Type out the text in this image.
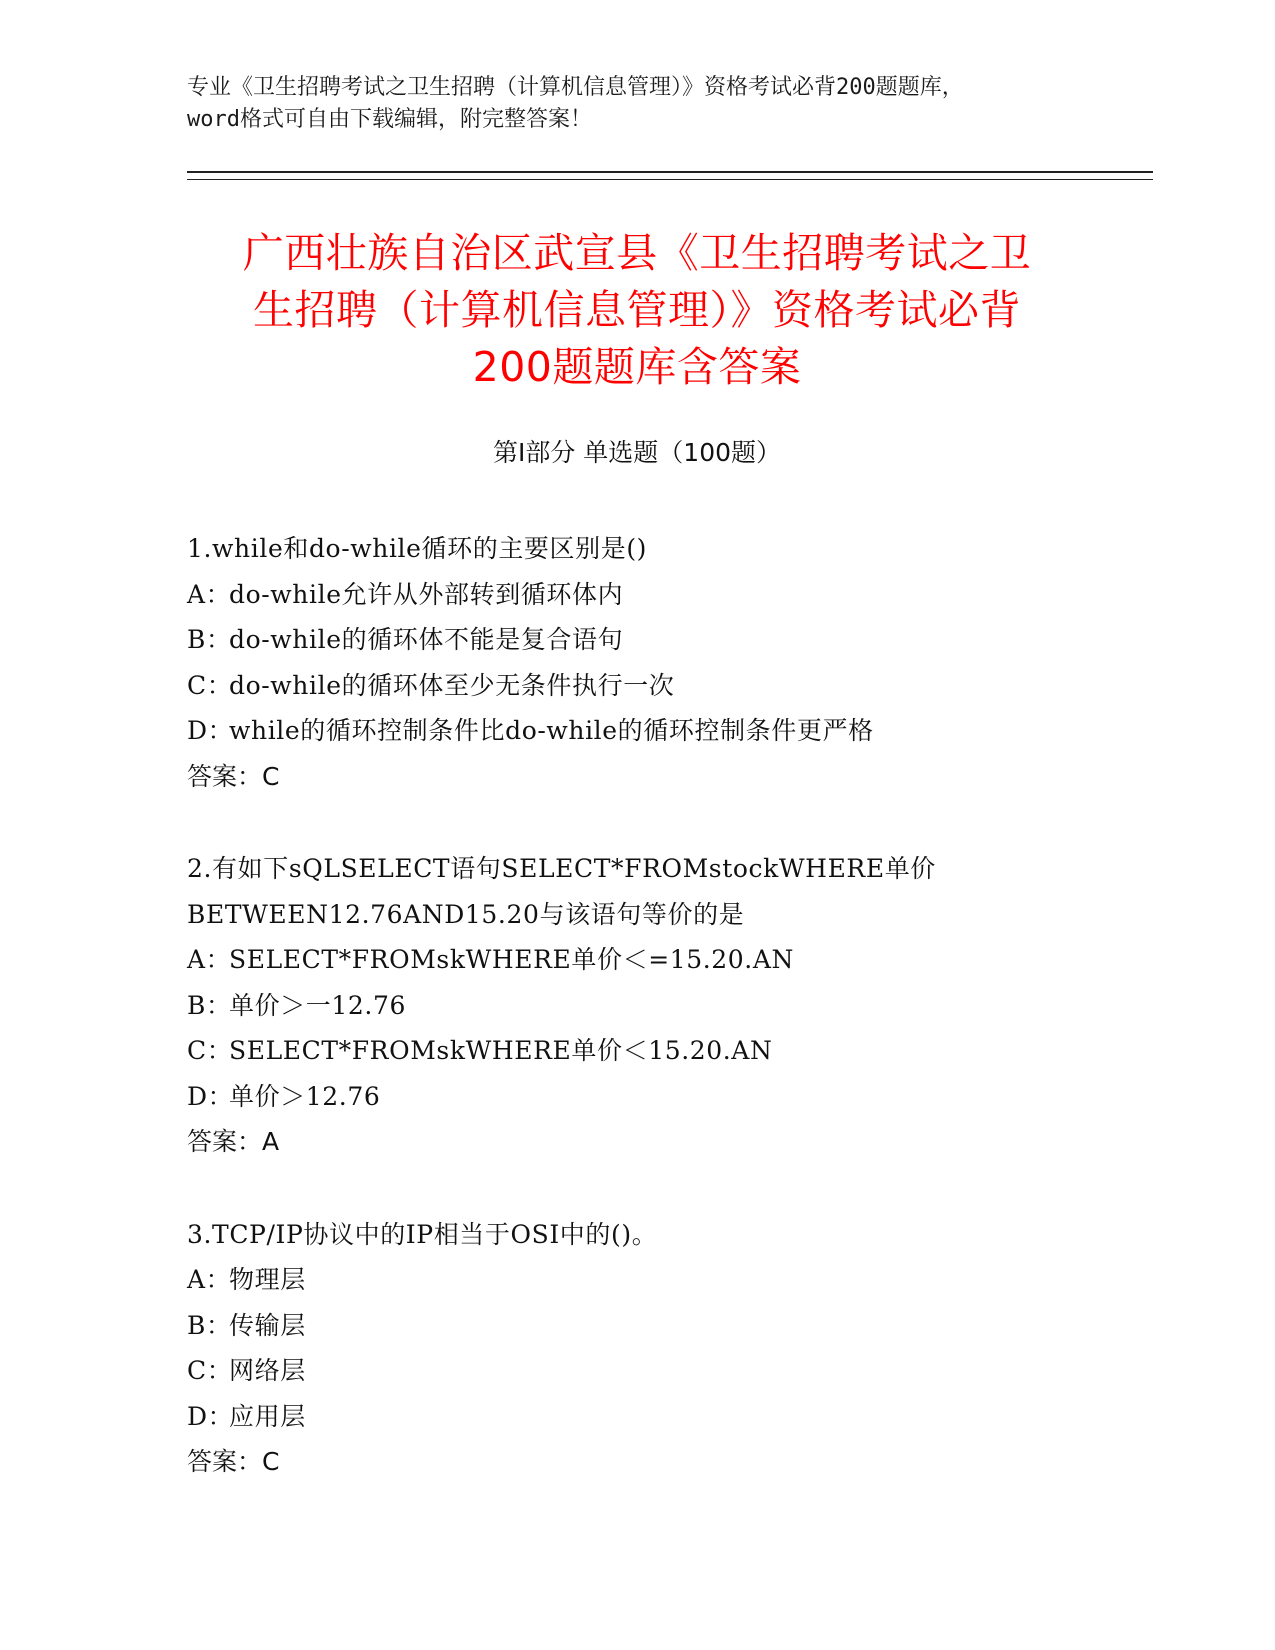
专业《卫生招聘考试之卫生招聘（计算机信息管理）》资格考试必背200题题库，
word格式可自由下载编辑，附完整答案！
广西壮族自治区武宣县《卫生招聘考试之卫
生招聘（计算机信息管理）》资格考试必背
200题题库含答案
第Ⅰ部分 单选题（100题）
1.while和do-while循环的主要区别是()
A：do-while允许从外部转到循环体内
B：do-while的循环体不能是复合语句
C：do-while的循环体至少无条件执行一次
D：while的循环控制条件比do-while的循环控制条件更严格
答案：C
2.有如下sQLSELECT语句SELECT*FROMstockWHERE单价
BETWEEN12.76AND15.20与该语句等价的是
A：SELECT*FROMskWHERE单价＜=15.20.AN
B：单价＞一12.76
C：SELECT*FROMskWHERE单价＜15.20.AN
D：单价＞12.76
答案：A
3.TCP/IP协议中的IP相当于OSI中的()。
A：物理层
B：传输层
C：网络层
D：应用层
答案：C
